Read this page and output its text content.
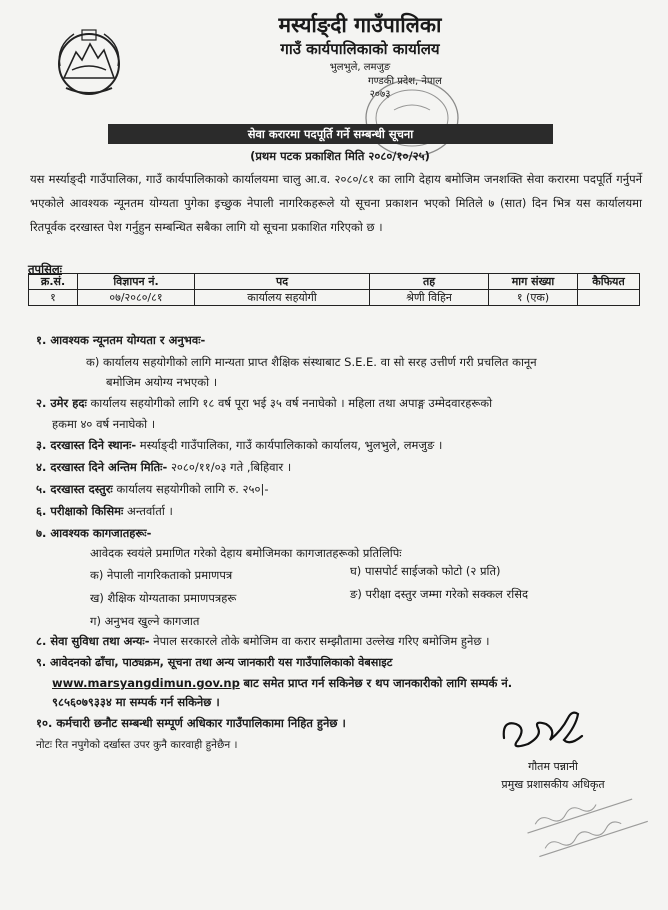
मर्स्याङ्दी गाउँपालिका
गाउँ कार्यपालिकाको कार्यालय
भुलभुले, लमजुङ
गण्डकी प्रदेश, नेपाल
२०७३
सेवा करारमा पदपूर्ति गर्ने सम्बन्धी सूचना
(प्रथम पटक प्रकाशित मिति २०८०/१०/२५)
यस मर्स्याङ्दी गाउँपालिका, गाउँ कार्यपालिकाको कार्यालयमा चालु आ.व. २०८०/८१ का लागि देहाय बमोजिम जनशक्ति सेवा करारमा पदपूर्ति गर्नुपर्ने भएकोले आवश्यक न्यूनतम योग्यता पुगेका इच्छुक नेपाली नागरिकहरूले यो सूचना प्रकाशन भएको मितिले ७ (सात) दिन भित्र यस कार्यालयमा रितपूर्वक दरखास्त पेश गर्नुहुन सम्बन्धित सबैका लागि यो सूचना प्रकाशित गरिएको छ ।
तपसिलः
क्र.सं.	विज्ञापन नं.	पद	तह	माग संख्या	कैफियत
१	०७/२०८०/८१	कार्यालय सहयोगी	श्रेणी विहिन	१ (एक)	
१. आवश्यक न्यूनतम योग्यता र अनुभवः-
क) कार्यालय सहयोगीको लागि मान्यता प्राप्त शैक्षिक संस्थाबाट S.E.E. वा सो सरह उत्तीर्ण गरी प्रचलित कानून
बमोजिम अयोग्य नभएको ।
२. उमेर हदः कार्यालय सहयोगीको लागि १८ वर्ष पूरा भई ३५ वर्ष ननाघेको । महिला तथा अपाङ्ग उम्मेदवारहरूको
हकमा ४० वर्ष ननाघेको ।
३. दरखास्त दिने स्थानः- मर्स्याङ्दी गाउँपालिका, गाउँ कार्यपालिकाको कार्यालय, भुलभुले, लमजुङ ।
४. दरखास्त दिने अन्तिम मितिः- २०८०/११/०३ गते ,बिहिवार ।
५. दरखास्त दस्तुरः कार्यालय सहयोगीको लागि रु. २५०|-
६. परीक्षाको किसिमः अन्तर्वार्ता ।
७. आवश्यक कागजातहरूः-
आवेदक स्वयंले प्रमाणित गरेको देहाय बमोजिमका कागजातहरूको प्रतिलिपिः
क) नेपाली नागरिकताको प्रमाणपत्र	घ) पासपोर्ट साईजको फोटो (२ प्रति)
ख) शैक्षिक योग्यताका प्रमाणपत्रहरू	ङ) परीक्षा दस्तुर जम्मा गरेको सक्कल रसिद
ग) अनुभव खुल्ने कागजात
८. सेवा सुविधा तथा अन्यः- नेपाल सरकारले तोके बमोजिम वा करार सम्झौतामा उल्लेख गरिए बमोजिम हुनेछ ।
९. आवेदनको ढाँचा, पाठ्यक्रम, सूचना तथा अन्य जानकारी यस गाउँपालिकाको वेबसाइट
www.marsyangdimun.gov.np बाट समेत प्राप्त गर्न सकिनेछ र थप जानकारीको लागि सम्पर्क नं.
९८५६०७९३३४ मा सम्पर्क गर्न सकिनेछ ।
१०. कर्मचारी छनौट सम्बन्धी सम्पूर्ण अधिकार गाउँपालिकामा निहित हुनेछ ।
नोटः रित नपुगेको दर्खास्त उपर कुनै कारवाही हुनेछैन ।
गौतम पन्नानी
प्रमुख प्रशासकीय अधिकृत
